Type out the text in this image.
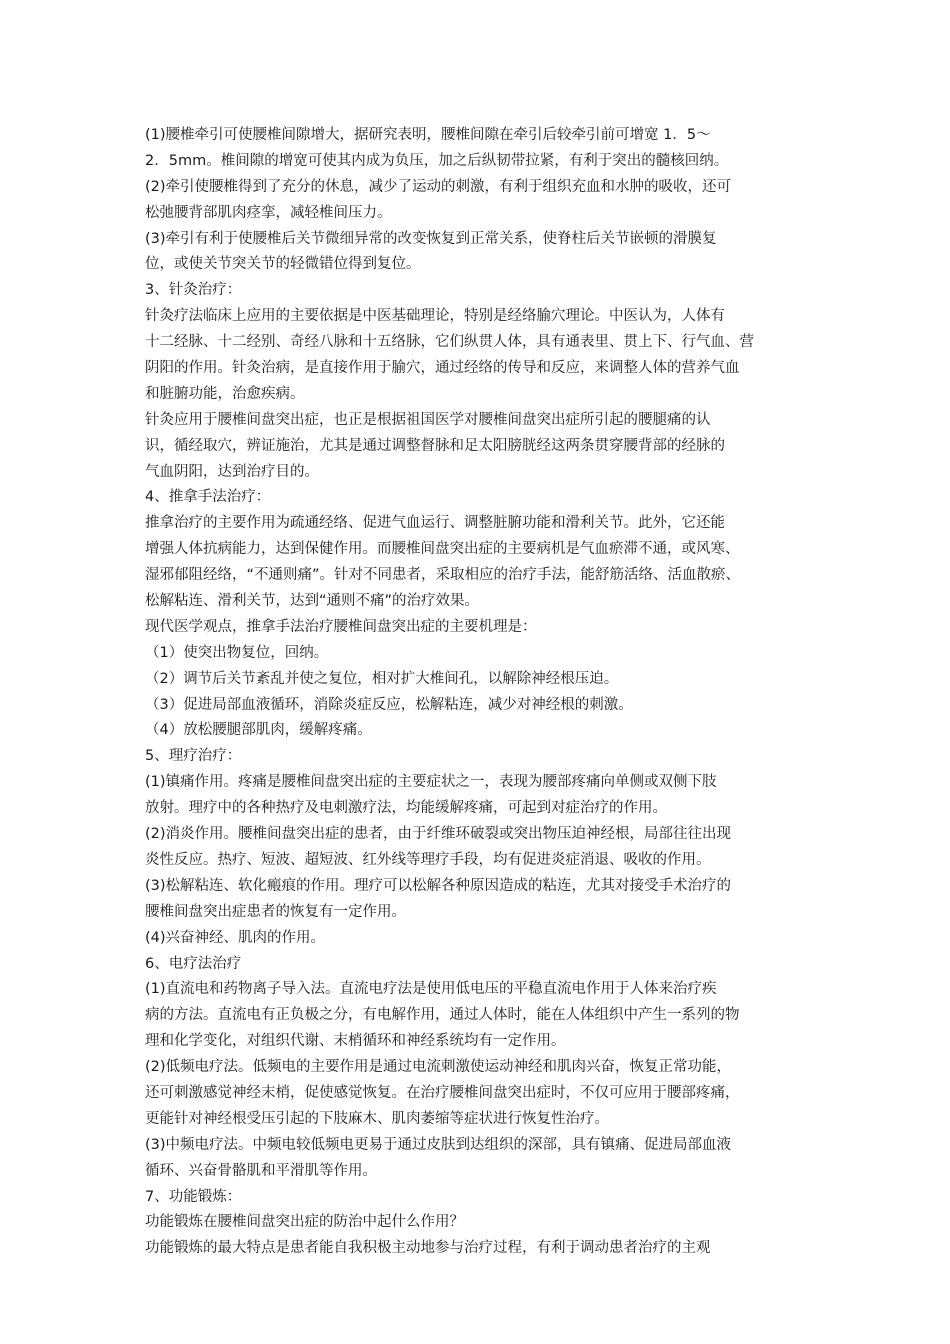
(1)腰椎牵引可使腰椎间隙增大，据研究表明，腰椎间隙在牵引后较牵引前可增宽 1．5～
2．5mm。椎间隙的增宽可使其内成为负压，加之后纵韧带拉紧，有利于突出的髓核回纳。
(2)牵引使腰椎得到了充分的休息，减少了运动的刺激，有利于组织充血和水肿的吸收，还可
松弛腰背部肌肉痉挛，减轻椎间压力。
(3)牵引有利于使腰椎后关节微细异常的改变恢复到正常关系，使脊柱后关节嵌顿的滑膜复
位，或使关节突关节的轻微错位得到复位。
3、针灸治疗：
针灸疗法临床上应用的主要依据是中医基础理论，特别是经络腧穴理论。中医认为，人体有
十二经脉、十二经别、奇经八脉和十五络脉，它们纵贯人体，具有通表里、贯上下、行气血、营
阴阳的作用。针灸治病，是直接作用于腧穴，通过经络的传导和反应，来调整人体的营养气血
和脏腑功能，治愈疾病。
针灸应用于腰椎间盘突出症，也正是根据祖国医学对腰椎间盘突出症所引起的腰腿痛的认
识，循经取穴，辨证施治，尤其是通过调整督脉和足太阳膀胱经这两条贯穿腰背部的经脉的
气血阴阳，达到治疗目的。
4、推拿手法治疗：
推拿治疗的主要作用为疏通经络、促进气血运行、调整脏腑功能和滑利关节。此外，它还能
增强人体抗病能力，达到保健作用。而腰椎间盘突出症的主要病机是气血瘀滞不通，或风寒、
湿邪郁阻经络，“不通则痛”。针对不同患者，采取相应的治疗手法，能舒筋活络、活血散瘀、
松解粘连、滑利关节，达到“通则不痛”的治疗效果。
现代医学观点，推拿手法治疗腰椎间盘突出症的主要机理是：
（1）使突出物复位，回纳。
（2）调节后关节紊乱并使之复位，相对扩大椎间孔，以解除神经根压迫。
（3）促进局部血液循环，消除炎症反应，松解粘连，减少对神经根的刺激。
（4）放松腰腿部肌肉，缓解疼痛。
5、理疗治疗：
(1)镇痛作用。疼痛是腰椎间盘突出症的主要症状之一，表现为腰部疼痛向单侧或双侧下肢
放射。理疗中的各种热疗及电刺激疗法，均能缓解疼痛，可起到对症治疗的作用。
(2)消炎作用。腰椎间盘突出症的患者，由于纤维环破裂或突出物压迫神经根，局部往往出现
炎性反应。热疗、短波、超短波、红外线等理疗手段，均有促进炎症消退、吸收的作用。
(3)松解粘连、软化瘢痕的作用。理疗可以松解各种原因造成的粘连，尤其对接受手术治疗的
腰椎间盘突出症患者的恢复有一定作用。
(4)兴奋神经、肌肉的作用。
6、电疗法治疗
(1)直流电和药物离子导入法。直流电疗法是使用低电压的平稳直流电作用于人体来治疗疾
病的方法。直流电有正负极之分，有电解作用，通过人体时，能在人体组织中产生一系列的物
理和化学变化，对组织代谢、末梢循环和神经系统均有一定作用。
(2)低频电疗法。低频电的主要作用是通过电流刺激使运动神经和肌肉兴奋，恢复正常功能，
还可刺激感觉神经末梢，促使感觉恢复。在治疗腰椎间盘突出症时，不仅可应用于腰部疼痛，
更能针对神经根受压引起的下肢麻木、肌肉萎缩等症状进行恢复性治疗。
(3)中频电疗法。中频电较低频电更易于通过皮肤到达组织的深部，具有镇痛、促进局部血液
循环、兴奋骨骼肌和平滑肌等作用。
7、功能锻炼：
功能锻炼在腰椎间盘突出症的防治中起什么作用？
功能锻炼的最大特点是患者能自我积极主动地参与治疗过程，有利于调动患者治疗的主观
